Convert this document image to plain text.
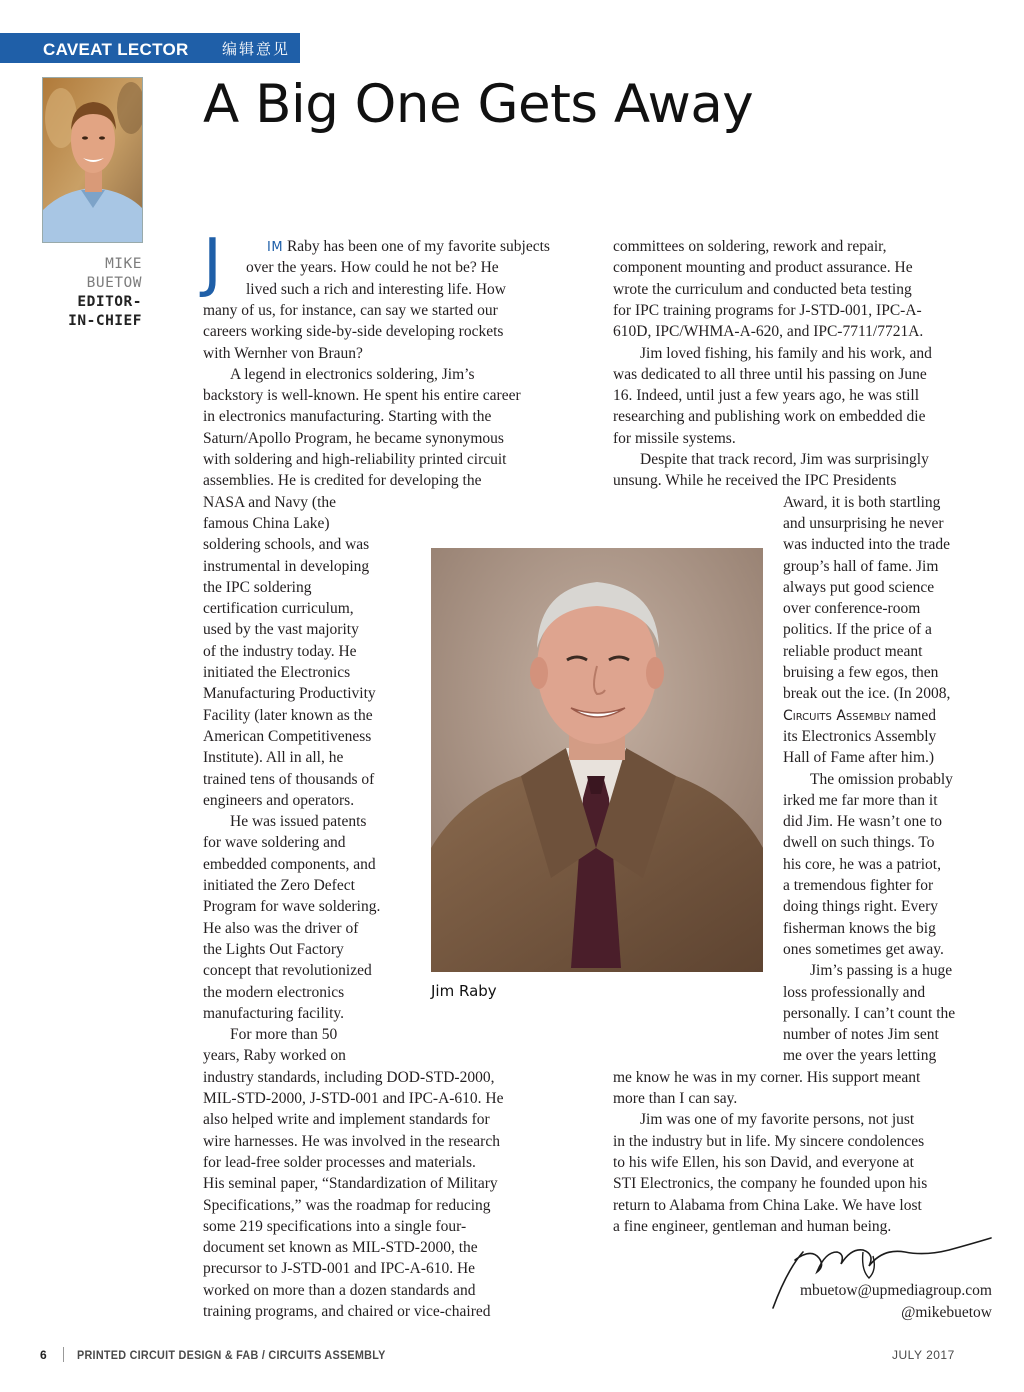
CAVEAT LECTOR 编辑意见
A Big One Gets Away
MIKE
BUETOW
EDITOR-
IN-CHIEF
J	IM Raby has been one of my favorite subjects
over the years. How could he not be? He
lived such a rich and interesting life. How
many of us, for instance, can say we started our
careers working side-by-side developing rockets
with Wernher von Braun?
A legend in electronics soldering, Jim’s
backstory is well-known. He spent his entire career
in electronics manufacturing. Starting with the
Saturn/Apollo Program, he became synonymous
with soldering and high-reliability printed circuit
assemblies. He is credited for developing the
NASA and Navy (the
famous China Lake)
soldering schools, and was
instrumental in developing
the IPC soldering
certification curriculum,
used by the vast majority
of the industry today. He
initiated the Electronics
Manufacturing Productivity
Facility (later known as the
American Competitiveness
Institute). All in all, he
trained tens of thousands of
engineers and operators.
He was issued patents
for wave soldering and
embedded components, and
initiated the Zero Defect
Program for wave soldering.
He also was the driver of
the Lights Out Factory
concept that revolutionized
the modern electronics
manufacturing facility.
For more than 50
years, Raby worked on
industry standards, including DOD-STD-2000,
MIL-STD-2000, J-STD-001 and IPC-A-610. He
also helped write and implement standards for
wire harnesses. He was involved in the research
for lead-free solder processes and materials.
His seminal paper, “Standardization of Military
Specifications,” was the roadmap for reducing
some 219 specifications into a single four-
document set known as MIL-STD-2000, the
precursor to J-STD-001 and IPC-A-610. He
worked on more than a dozen standards and
training programs, and chaired or vice-chaired
committees on soldering, rework and repair,
component mounting and product assurance. He
wrote the curriculum and conducted beta testing
for IPC training programs for J-STD-001, IPC-A-
610D, IPC/WHMA-A-620, and IPC-7711/7721A.
Jim loved fishing, his family and his work, and
was dedicated to all three until his passing on June
16. Indeed, until just a few years ago, he was still
researching and publishing work on embedded die
for missile systems.
Despite that track record, Jim was surprisingly
unsung. While he received the IPC Presidents
Award, it is both startling
and unsurprising he never
was inducted into the trade
group’s hall of fame. Jim
always put good science
over conference-room
politics. If the price of a
reliable product meant
bruising a few egos, then
break out the ice. (In 2008,
Circuits Assembly named
its Electronics Assembly
Hall of Fame after him.)
The omission probably
irked me far more than it
did Jim. He wasn’t one to
dwell on such things. To
his core, he was a patriot,
a tremendous fighter for
doing things right. Every
fisherman knows the big
ones sometimes get away.
Jim’s passing is a huge
loss professionally and
personally. I can’t count the
number of notes Jim sent
me over the years letting
me know he was in my corner. His support meant
more than I can say.
Jim was one of my favorite persons, not just
in the industry but in life. My sincere condolences
to his wife Ellen, his son David, and everyone at
STI Electronics, the company he founded upon his
return to Alabama from China Lake. We have lost
a fine engineer, gentleman and human being.
Jim Raby
mbuetow@upmediagroup.com
@mikebuetow
6	PRINTED CIRCUIT DESIGN & FAB / CIRCUITS ASSEMBLY	JULY 2017
